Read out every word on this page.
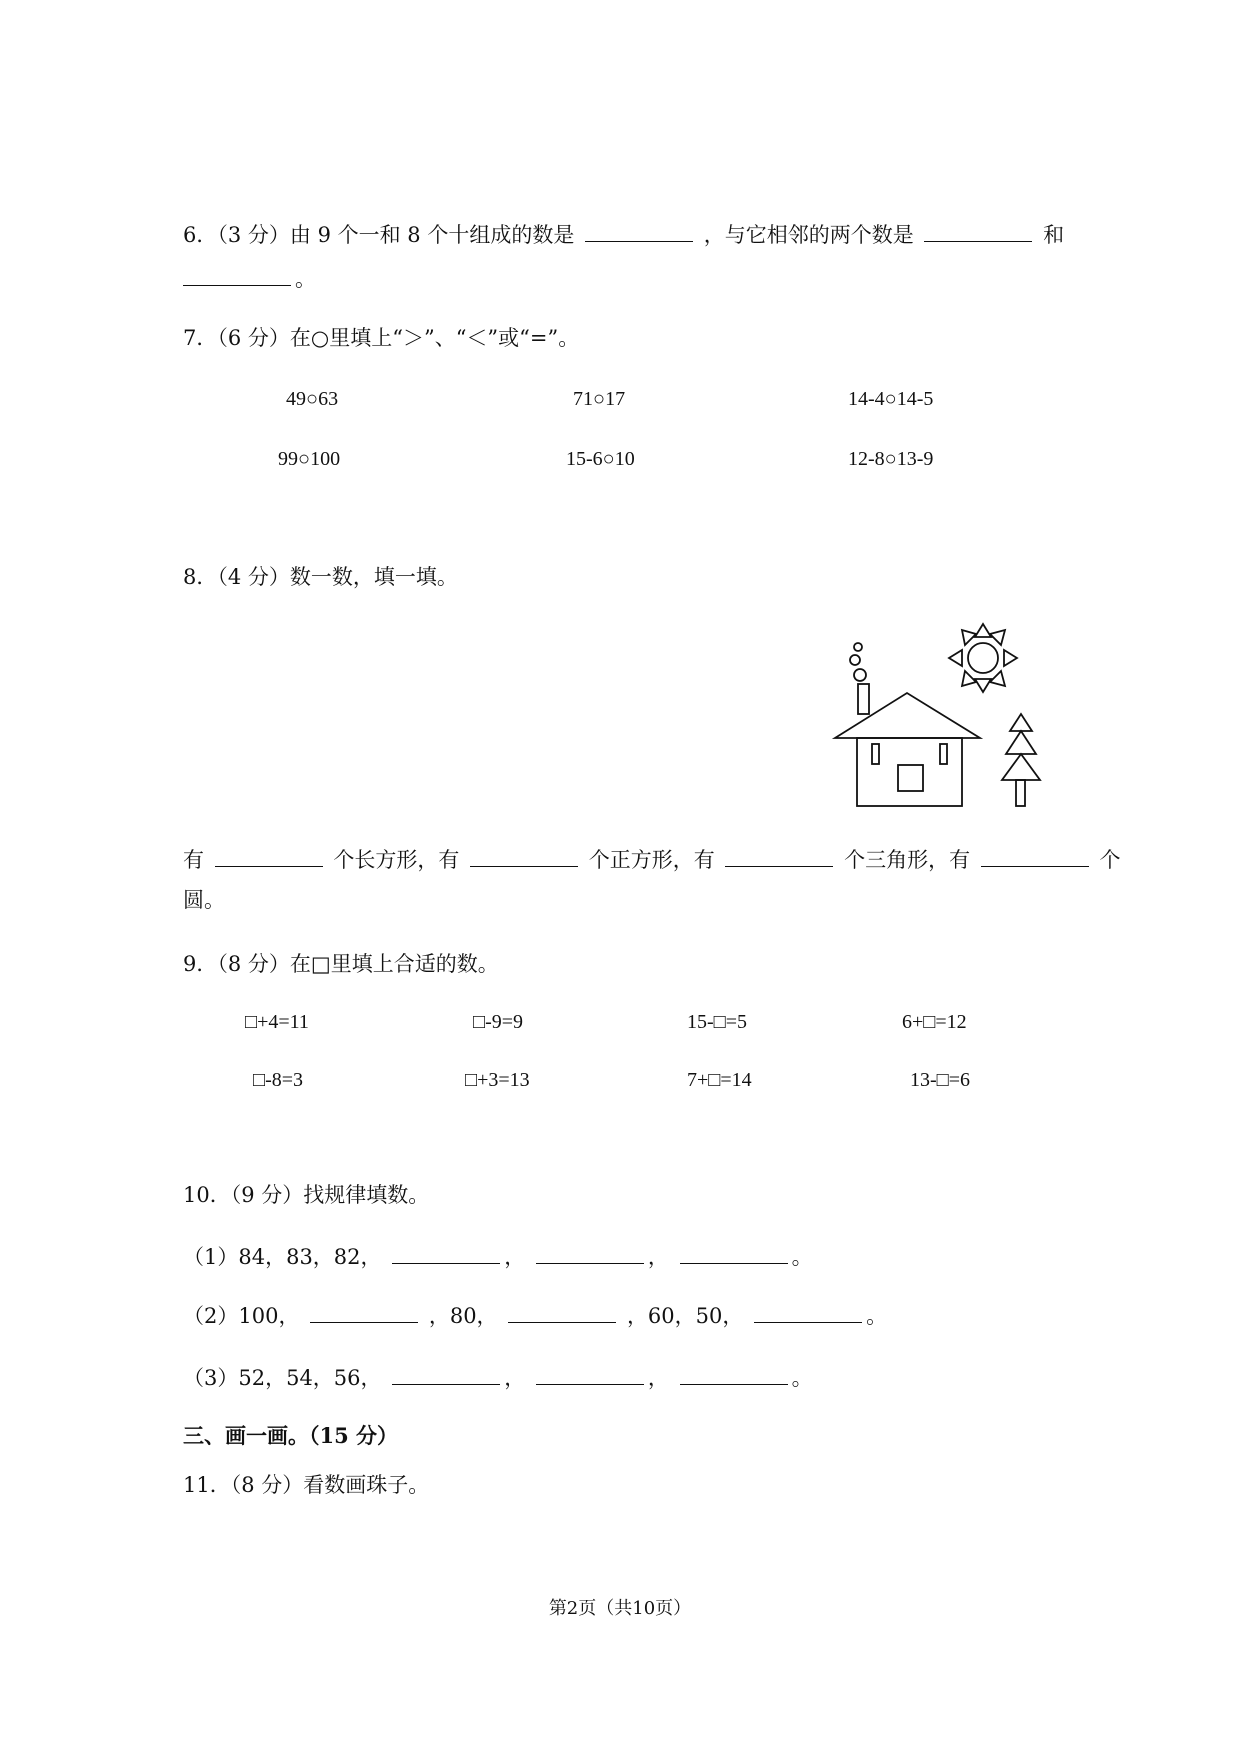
6．（3 分）由 9 个一和 8 个十组成的数是	，与它相邻的两个数是	和
。
7．（6 分）在○里填上“＞”、“＜”或“=”。
49○63	71○17	14-4○14-5
99○100	15-6○10	12-8○13-9
8．（4 分）数一数，填一填。
有	个长方形，有	个正方形，有	个三角形，有	个
圆。
9．（8 分）在□里填上合适的数。
□+4=11	□-9=9	15-□=5	6+□=12
□-8=3	□+3=13	7+□=14	13-□=6
10．（9 分）找规律填数。
（1）84，83，82，	，	，	。
（2）100，	，80，	，60，50，	。
（3）52，54，56，	，	，	。
三、画一画。（15 分）
11．（8 分）看数画珠子。
第2页（共10页）
